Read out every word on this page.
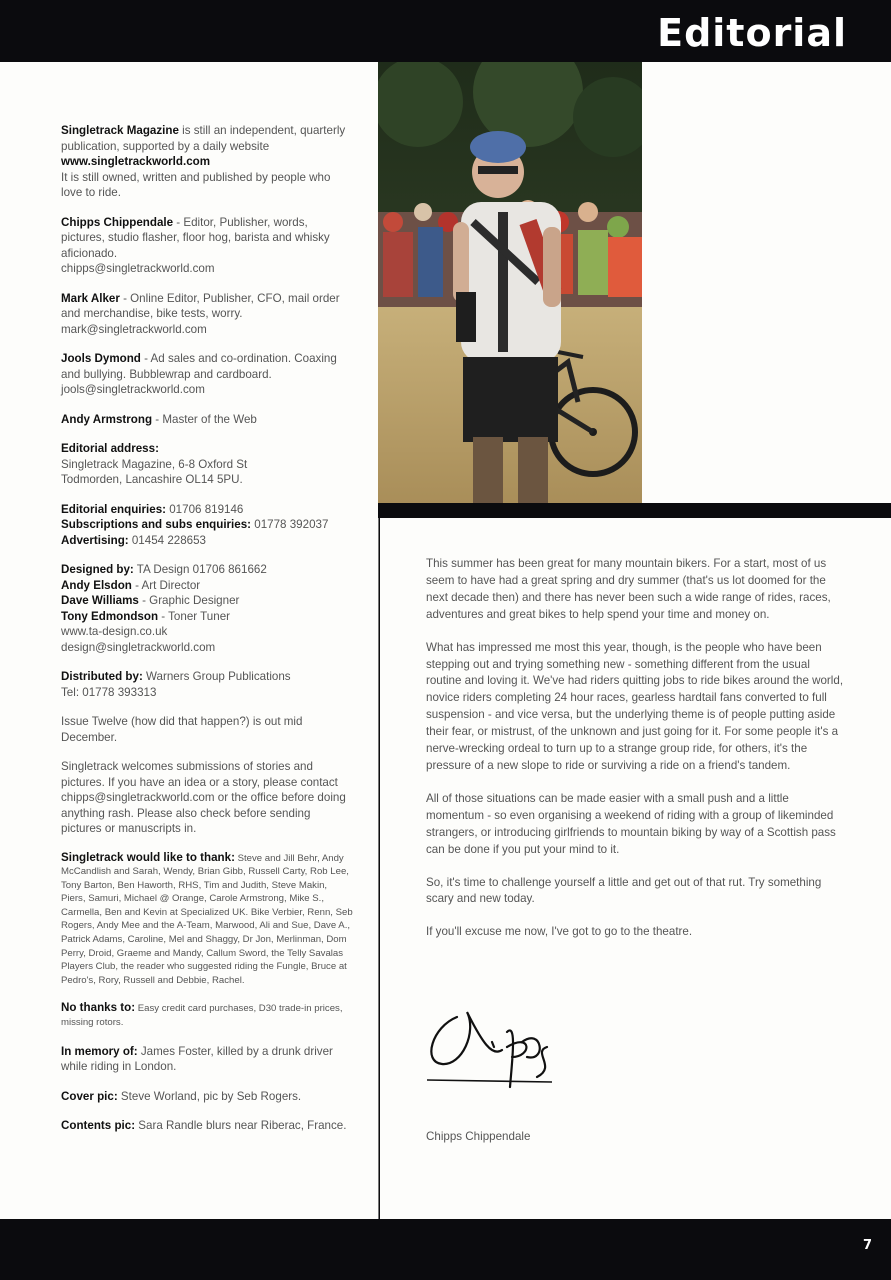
Editorial
Singletrack Magazine is still an independent, quarterly publication, supported by a daily website
www.singletrackworld.com
It is still owned, written and published by people who love to ride.
Chipps Chippendale - Editor, Publisher, words, pictures, studio flasher, floor hog, barista and whisky aficionado.
chipps@singletrackworld.com
Mark Alker - Online Editor, Publisher, CFO, mail order and merchandise, bike tests, worry.
mark@singletrackworld.com
Jools Dymond - Ad sales and co-ordination. Coaxing and bullying. Bubblewrap and cardboard.
jools@singletrackworld.com
Andy Armstrong - Master of the Web
Editorial address:
Singletrack Magazine, 6-8 Oxford St
Todmorden, Lancashire OL14 5PU.
Editorial enquiries: 01706 819146
Subscriptions and subs enquiries: 01778 392037
Advertising: 01454 228653
Designed by: TA Design 01706 861662
Andy Elsdon - Art Director
Dave Williams - Graphic Designer
Tony Edmondson - Toner Tuner
www.ta-design.co.uk
design@singletrackworld.com
Distributed by: Warners Group Publications
Tel: 01778 393313
Issue Twelve (how did that happen?) is out mid December.
Singletrack welcomes submissions of stories and pictures. If you have an idea or a story, please contact chipps@singletrackworld.com or the office before doing anything rash. Please also check before sending pictures or manuscripts in.
Singletrack would like to thank: Steve and Jill Behr, Andy McCandlish and Sarah, Wendy, Brian Gibb, Russell Carty, Rob Lee, Tony Barton, Ben Haworth, RHS, Tim and Judith, Steve Makin, Piers, Samuri, Michael @ Orange, Carole Armstrong, Mike S., Carmella, Ben and Kevin at Specialized UK. Bike Verbier, Renn, Seb Rogers, Andy Mee and the A-Team, Marwood, Ali and Sue, Dave A., Patrick Adams, Caroline, Mel and Shaggy, Dr Jon, Merlinman, Dom Perry, Droid, Graeme and Mandy, Callum Sword, the Telly Savalas Players Club, the reader who suggested riding the Fungle, Bruce at Pedro's, Rory, Russell and Debbie, Rachel.
No thanks to: Easy credit card purchases, D30 trade-in prices, missing rotors.
In memory of: James Foster, killed by a drunk driver while riding in London.
Cover pic: Steve Worland, pic by Seb Rogers.
Contents pic: Sara Randle blurs near Riberac, France.

This summer has been great for many mountain bikers. For a start, most of us seem to have had a great spring and dry summer (that's us lot doomed for the next decade then) and there has never been such a wide range of rides, races, adventures and great bikes to help spend your time and money on.

What has impressed me most this year, though, is the people who have been stepping out and trying something new - something different from the usual routine and loving it. We've had riders quitting jobs to ride bikes around the world, novice riders completing 24 hour races, gearless hardtail fans converted to full suspension - and vice versa, but the underlying theme is of people putting aside their fear, or mistrust, of the unknown and just going for it. For some people it's a nerve-wrecking ordeal to turn up to a strange group ride, for others, it's the pressure of a new slope to ride or surviving a ride on a friend's tandem.

All of those situations can be made easier with a small push and a little momentum - so even organising a weekend of riding with a group of likeminded strangers, or introducing girlfriends to mountain biking by way of a Scottish pass can be done if you put your mind to it.

So, it's time to challenge yourself a little and get out of that rut. Try something scary and new today.

If you'll excuse me now, I've got to go to the theatre.

Chipps Chippendale
7
